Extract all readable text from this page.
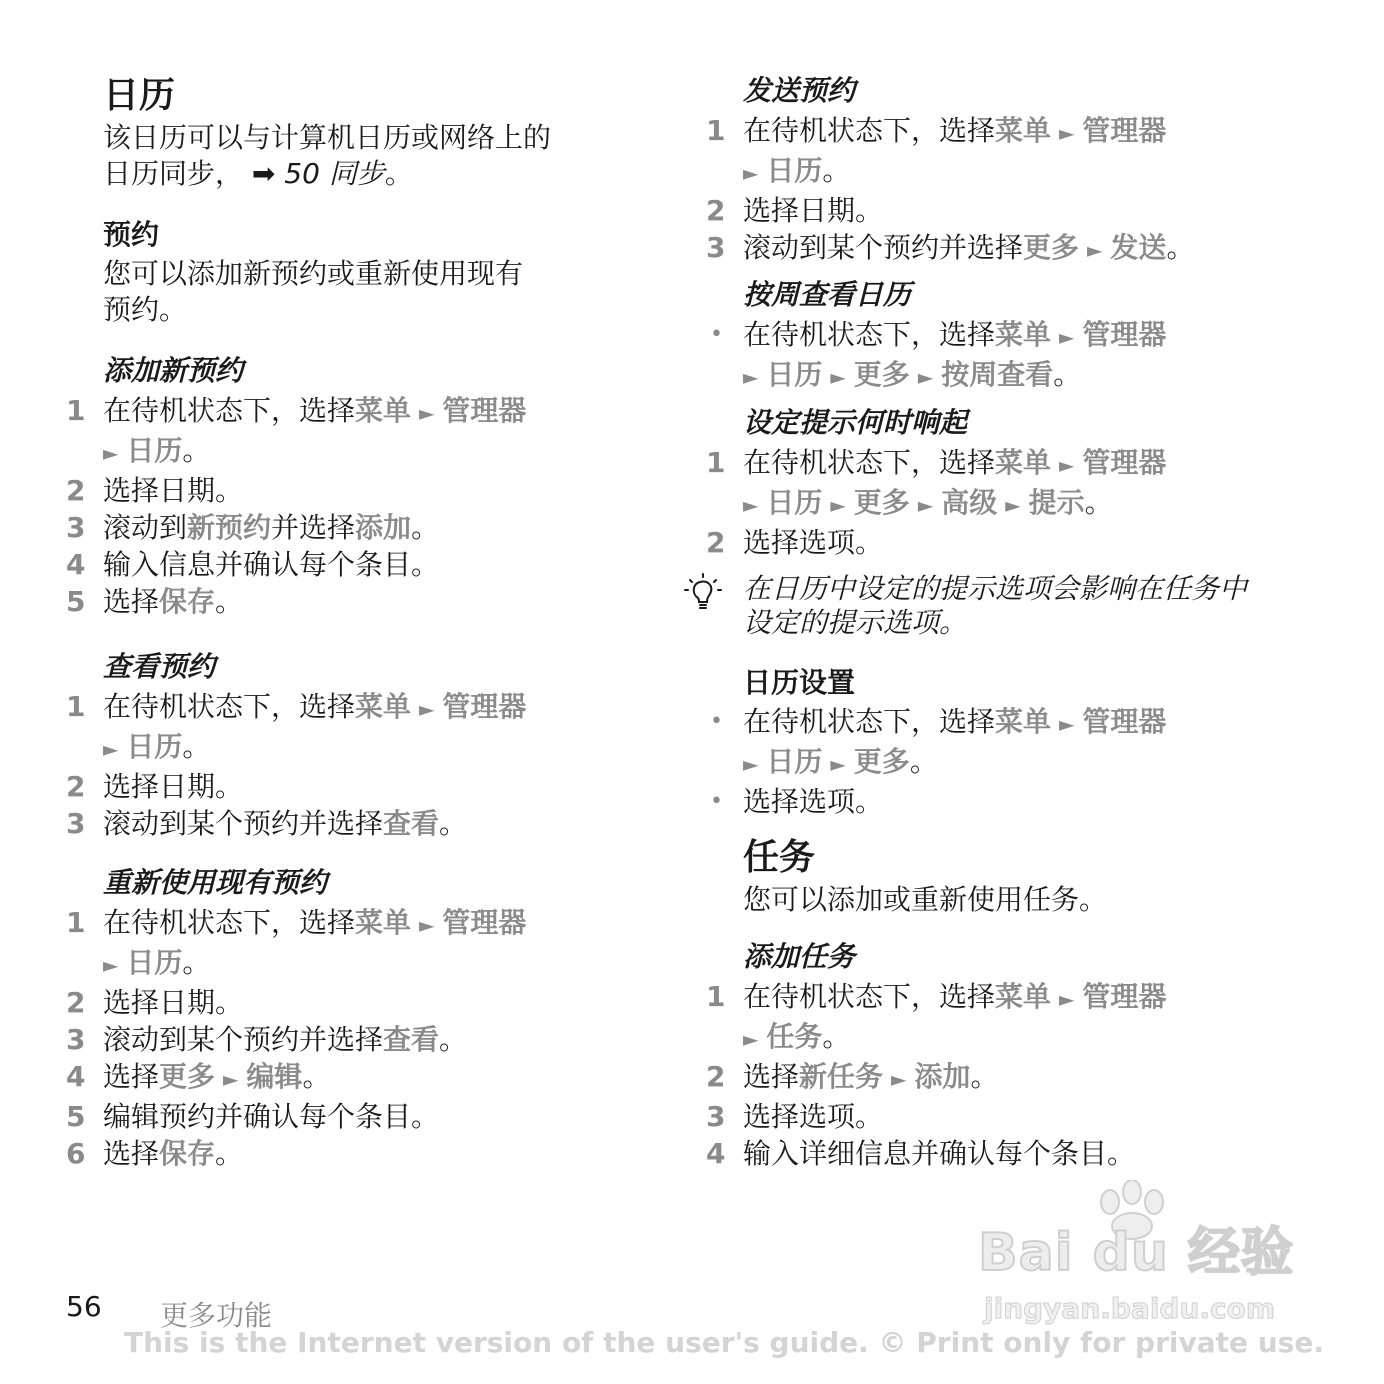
日历
该日历可以与计算机日历或网络上的
日历同步， ➡ 50 同步。
预约
您可以添加新预约或重新使用现有
预约。
添加新预约
1 在待机状态下，选择菜单 ► 管理器
► 日历。
2 选择日期。
3 滚动到新预约并选择添加。
4 输入信息并确认每个条目。
5 选择保存。
查看预约
1 在待机状态下，选择菜单 ► 管理器
► 日历。
2 选择日期。
3 滚动到某个预约并选择查看。
重新使用现有预约
1 在待机状态下，选择菜单 ► 管理器
► 日历。
2 选择日期。
3 滚动到某个预约并选择查看。
4 选择更多 ► 编辑。
5 编辑预约并确认每个条目。
6 选择保存。
发送预约
1 在待机状态下，选择菜单 ► 管理器
► 日历。
2 选择日期。
3 滚动到某个预约并选择更多 ► 发送。
按周查看日历
• 在待机状态下，选择菜单 ► 管理器
► 日历 ► 更多 ► 按周查看。
设定提示何时响起
1 在待机状态下，选择菜单 ► 管理器
► 日历 ► 更多 ► 高级 ► 提示。
2 选择选项。
在日历中设定的提示选项会影响在任务中
设定的提示选项。
日历设置
• 在待机状态下，选择菜单 ► 管理器
► 日历 ► 更多。
• 选择选项。
任务
您可以添加或重新使用任务。
添加任务
1 在待机状态下，选择菜单 ► 管理器
► 任务。
2 选择新任务 ► 添加。
3 选择选项。
4 输入详细信息并确认每个条目。
Bai du 经验
jingyan.baidu.com
56 更多功能
This is the Internet version of the user's guide. © Print only for private use.
